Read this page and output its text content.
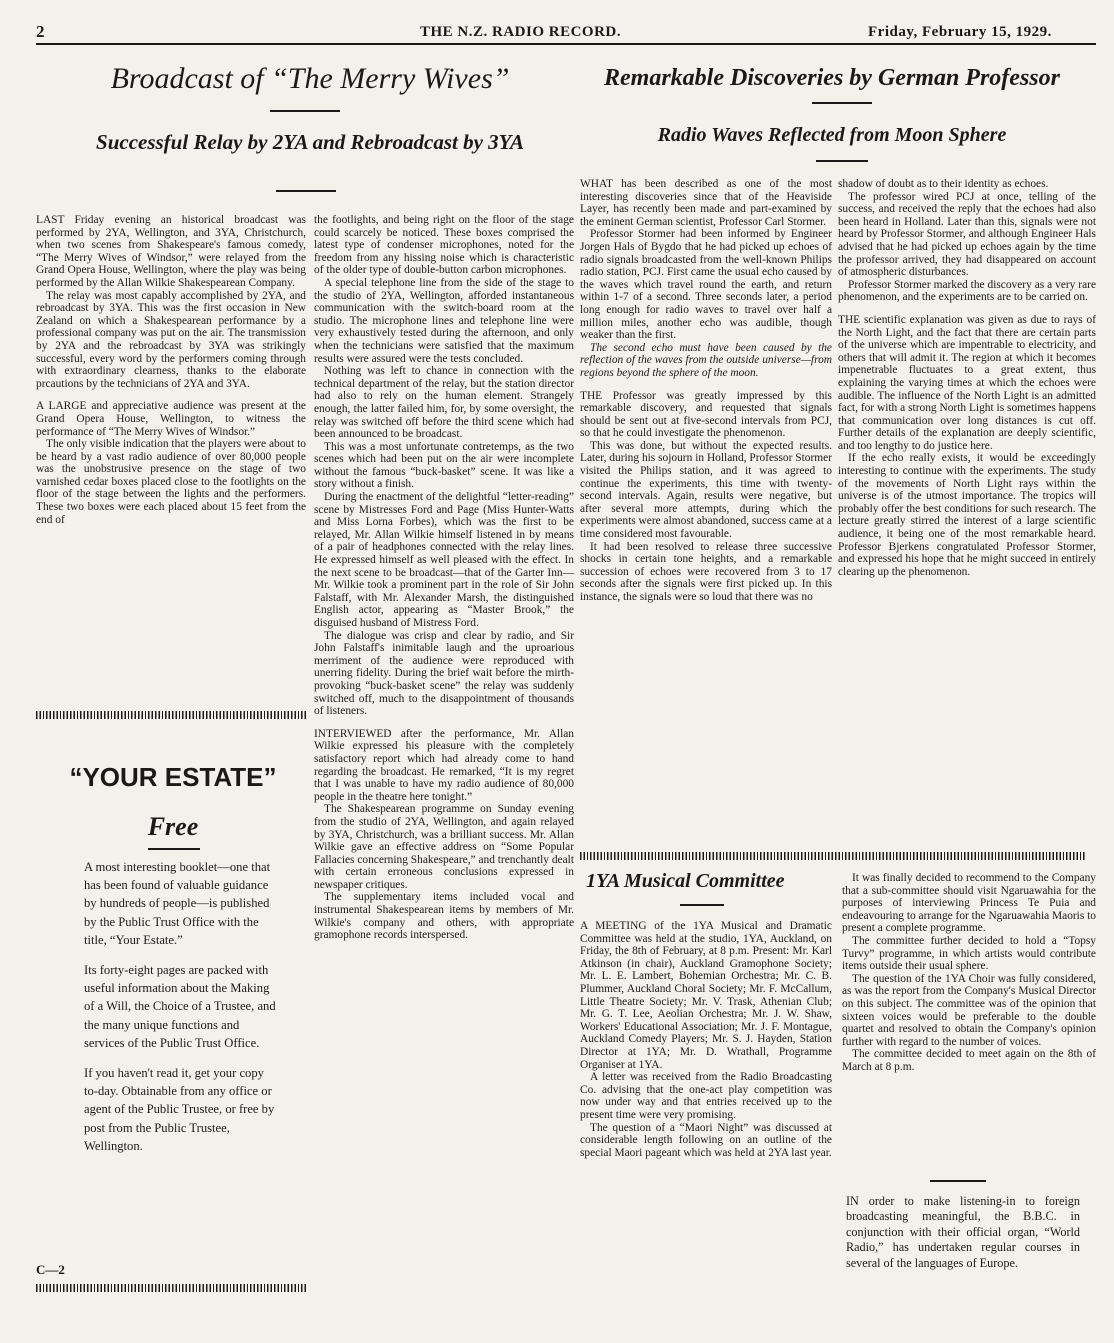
2	THE N.Z. RADIO RECORD.	Friday, February 15, 1929.
Broadcast of “The Merry Wives”
Successful Relay by 2YA and Rebroadcast by 3YA

LAST Friday evening an historical broadcast was performed by 2YA, Wellington, and 3YA, Christchurch, when two scenes from Shakespeare's famous comedy, “The Merry Wives of Windsor,” were relayed from the Grand Opera House, Wellington, where the play was being performed by the Allan Wilkie Shakespearean Company.

The relay was most capably accomplished by 2YA, and rebroadcast by 3YA. This was the first occasion in New Zealand on which a Shakespearean performance by a professional company was put on the air. The transmission by 2YA and the rebroadcast by 3YA was strikingly successful, every word by the performers coming through with extraordinary clearness, thanks to the elaborate prcautions by the technicians of 2YA and 3YA.

A LARGE and appreciative audience was present at the Grand Opera House, Wellington, to witness the performance of “The Merry Wives of Windsor.”

The only visible indication that the players were about to be heard by a vast radio audience of over 80,000 people was the unobstrusive presence on the stage of two varnished cedar boxes placed close to the footlights on the floor of the stage between the lights and the performers. These two boxes were each placed about 15 feet from the end of

“YOUR ESTATE”
Free

A most interesting booklet—one that has been found of valuable guidance by hundreds of people—is published by the Public Trust Office with the title, “Your Estate.”

Its forty-eight pages are packed with useful information about the Making of a Will, the Choice of a Trustee, and the many unique functions and services of the Public Trust Office.

If you haven't read it, get your copy to-day. Obtainable from any office or agent of the Public Trustee, or free by post from the Public Trustee, Wellington.

C—2

the footlights, and being right on the floor of the stage could scarcely be noticed. These boxes comprised the latest type of condenser microphones, noted for the freedom from any hissing noise which is characteristic of the older type of double-button carbon microphones.

A special telephone line from the side of the stage to the studio of 2YA, Wellington, afforded instantaneous communication with the switch-board room at the studio. The microphone lines and telephone line were very exhaustively tested during the afternoon, and only when the technicians were satisfied that the maximum results were assured were the tests concluded.

Nothing was left to chance in connection with the technical department of the relay, but the station director had also to rely on the human element. Strangely enough, the latter failed him, for, by some oversight, the relay was switched off before the third scene which had been announced to be broadcast.

This was a most unfortunate contretemps, as the two scenes which had been put on the air were incomplete without the famous “buck-basket” scene. It was like a story without a finish.

During the enactment of the delightful “letter-reading” scene by Mistresses Ford and Page (Miss Hunter-Watts and Miss Lorna Forbes), which was the first to be relayed, Mr. Allan Wilkie himself listened in by means of a pair of headphones connected with the relay lines. He expressed himself as well pleased with the effect. In the next scene to be broadcast—that of the Garter Inn—Mr. Wilkie took a prominent part in the role of Sir John Falstaff, with Mr. Alexander Marsh, the distinguished English actor, appearing as “Master Brook,” the disguised husband of Mistress Ford.

The dialogue was crisp and clear by radio, and Sir John Falstaff's inimitable laugh and the uproarious merriment of the audience were reproduced with unerring fidelity. During the brief wait before the mirth-provoking “buck-basket scene” the relay was suddenly switched off, much to the disappointment of thousands of listeners.

INTERVIEWED after the performance, Mr. Allan Wilkie expressed his pleasure with the completely satisfactory report which had already come to hand regarding the broadcast. He remarked, “It is my regret that I was unable to have my radio audience of 80,000 people in the theatre here tonight.”

The Shakespearean programme on Sunday evening from the studio of 2YA, Wellington, and again relayed by 3YA, Christchurch, was a brilliant success. Mr. Allan Wilkie gave an effective address on “Some Popular Fallacies concerning Shakespeare,” and trenchantly dealt with certain erroneous conclusions expressed in newspaper critiques.

The supplementary items included vocal and instrumental Shakespearean items by members of Mr. Wilkie's company and others, with appropriate gramophone records interspersed.

Remarkable Discoveries by German Professor
Radio Waves Reflected from Moon Sphere

WHAT has been described as one of the most interesting discoveries since that of the Heaviside Layer, has recently been made and part-examined by the eminent German scientist, Professor Carl Stormer.

Professor Stormer had been informed by Engineer Jorgen Hals of Bygdo that he had picked up echoes of radio signals broadcasted from the well-known Philips radio station, PCJ. First came the usual echo caused by the waves which travel round the earth, and return within 1-7 of a second. Three seconds later, a period long enough for radio waves to travel over half a million miles, another echo was audible, though weaker than the first.

The second echo must have been caused by the reflection of the waves from the outside universe—from regions beyond the sphere of the moon.

THE Professor was greatly impressed by this remarkable discovery, and requested that signals should be sent out at five-second intervals from PCJ, so that he could investigate the phenomenon.

This was done, but without the expected results. Later, during his sojourn in Holland, Professor Stormer visited the Philips station, and it was agreed to continue the experiments, this time with twenty-second intervals. Again, results were negative, but after several more attempts, during which the experiments were almost abandoned, success came at a time considered most favourable.

It had been resolved to release three successive shocks in certain tone heights, and a remarkable succession of echoes were recovered from 3 to 17 seconds after the signals were first picked up. In this instance, the signals were so loud that there was no

shadow of doubt as to their identity as echoes.

The professor wired PCJ at once, telling of the success, and received the reply that the echoes had also been heard in Holland. Later than this, signals were not heard by Professor Stormer, and although Engineer Hals advised that he had picked up echoes again by the time the professor arrived, they had disappeared on account of atmospheric disturbances.

Professor Stormer marked the discovery as a very rare phenomenon, and the experiments are to be carried on.

THE scientific explanation was given as due to rays of the North Light, and the fact that there are certain parts of the universe which are impentrable to electricity, and others that will admit it. The region at which it becomes impenetrable fluctuates to a great extent, thus explaining the varying times at which the echoes were audible. The influence of the North Light is an admitted fact, for with a strong North Light is sometimes happens that communication over long distances is cut off. Further details of the explanation are deeply scientific, and too lengthy to do justice here.

If the echo really exists, it would be exceedingly interesting to continue with the experiments. The study of the movements of North Light rays within the universe is of the utmost importance. The tropics will probably offer the best conditions for such research. The lecture greatly stirred the interest of a large scientific audience, it being one of the most remarkable heard. Professor Bjerkens congratulated Professor Stormer, and expressed his hope that he might succeed in entirely clearing up the phenomenon.

1YA Musical Committee

A MEETING of the 1YA Musical and Dramatic Committee was held at the studio, 1YA, Auckland, on Friday, the 8th of February, at 8 p.m. Present: Mr. Karl Atkinson (in chair), Auckland Gramophone Society; Mr. L. E. Lambert, Bohemian Orchestra; Mr. C. B. Plummer, Auckland Choral Society; Mr. F. McCallum, Little Theatre Society; Mr. V. Trask, Athenian Club; Mr. G. T. Lee, Aeolian Orchestra; Mr. J. W. Shaw, Workers' Educational Association; Mr. J. F. Montague, Auckland Comedy Players; Mr. S. J. Hayden, Station Director at 1YA; Mr. D. Wrathall, Programme Organiser at 1YA.

A letter was received from the Radio Broadcasting Co. advising that the one-act play competition was now under way and that entries received up to the present time were very promising.

The question of a “Maori Night” was discussed at considerable length following on an outline of the special Maori pageant which was held at 2YA last year.

It was finally decided to recommend to the Company that a sub-committee should visit Ngaruawahia for the purposes of interviewing Princess Te Puia and endeavouring to arrange for the Ngaruawahia Maoris to present a complete programme.

The committee further decided to hold a “Topsy Turvy” programme, in which artists would contribute items outside their usual sphere.

The question of the 1YA Choir was fully considered, as was the report from the Company's Musical Director on this subject. The committee was of the opinion that sixteen voices would be preferable to the double quartet and resolved to obtain the Company's opinion further with regard to the number of voices.

The committee decided to meet again on the 8th of March at 8 p.m.

IN order to make listening-in to foreign broadcasting meaningful, the B.B.C. in conjunction with their official organ, “World Radio,” has undertaken regular courses in several of the languages of Europe.
